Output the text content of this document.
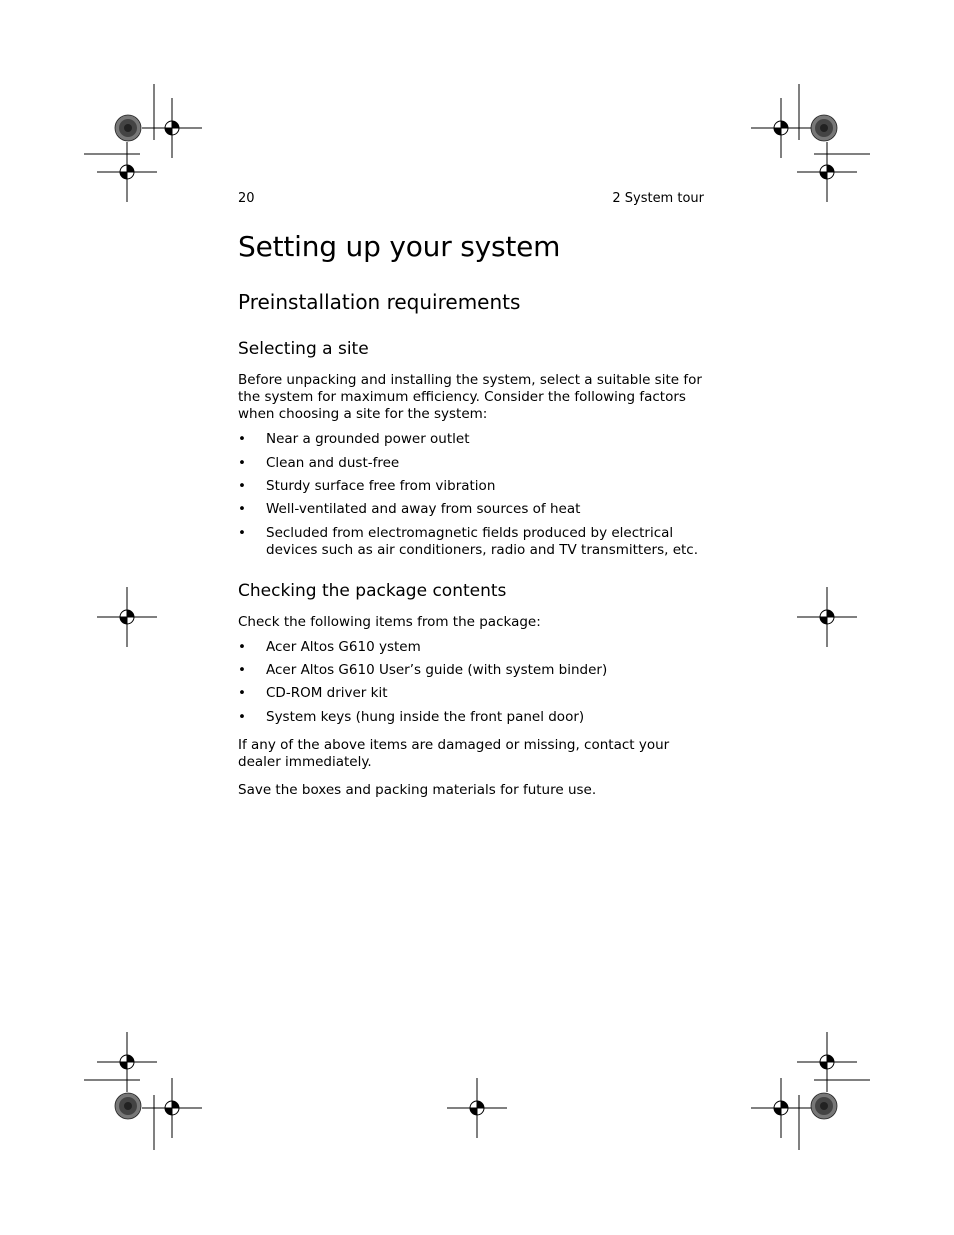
20	2 System tour
Setting up your system
Preinstallation requirements
Selecting a site
Before unpacking and installing the system, select a suitable site for the system for maximum efficiency. Consider the following factors when choosing a site for the system:
• Near a grounded power outlet
• Clean and dust-free
• Sturdy surface free from vibration
• Well-ventilated and away from sources of heat
• Secluded from electromagnetic fields produced by electrical devices such as air conditioners, radio and TV transmitters, etc.
Checking the package contents
Check the following items from the package:
• Acer Altos G610 ystem
• Acer Altos G610 User’s guide (with system binder)
• CD-ROM driver kit
• System keys (hung inside the front panel door)
If any of the above items are damaged or missing, contact your dealer immediately.
Save the boxes and packing materials for future use.
